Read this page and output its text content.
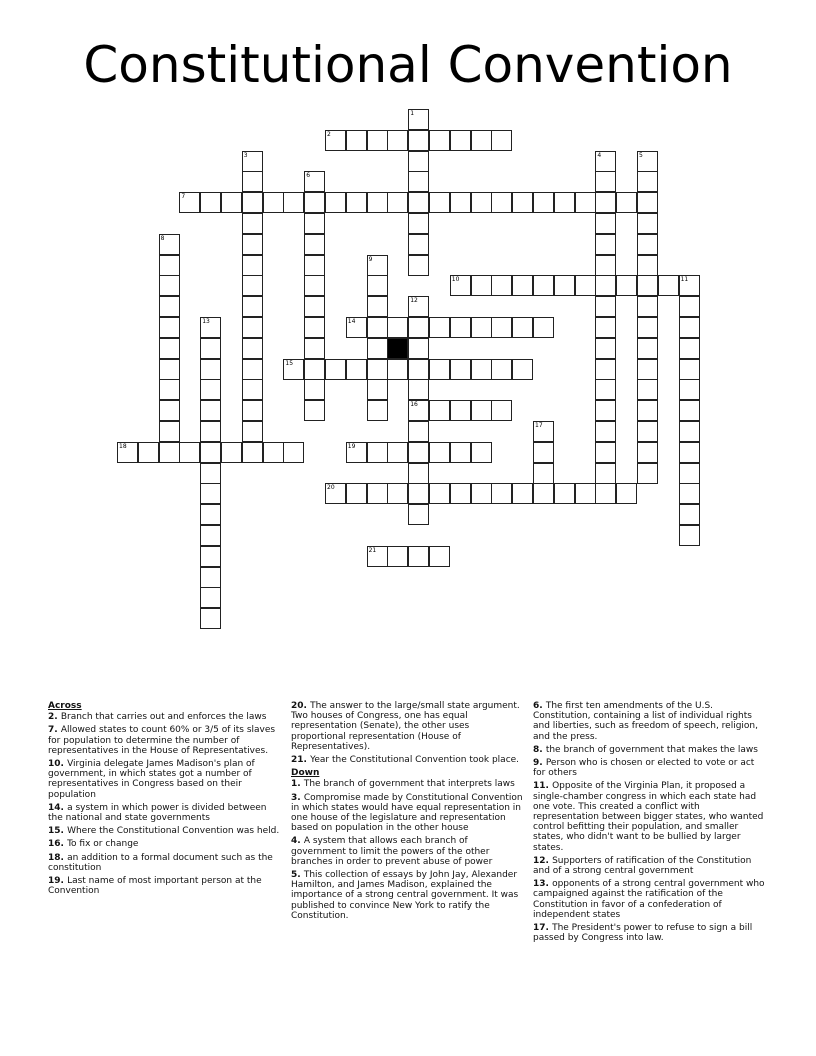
Constitutional Convention
1
2
3	4	5
6
7
8
9
10	11
12
16
13	14
15
17
18	19
20
21
Across
2. Branch that carries out and enforces the laws
7. Allowed states to count 60% or 3/5 of its slaves for population to determine the number of representatives in the House of Representatives.
10. Virginia delegate James Madison's plan of government, in which states got a number of representatives in Congress based on their population
14. a system in which power is divided between the national and state governments
15. Where the Constitutional Convention was held.
16. To fix or change
18. an addition to a formal document such as the constitution
19. Last name of most important person at the Convention
20. The answer to the large/small state argument. Two houses of Congress, one has equal representation (Senate), the other uses proportional representation (House of Representatives).
21. Year the Constitutional Convention took place.
Down
1. The branch of government that interprets laws
3. Compromise made by Constitutional Convention in which states would have equal representation in one house of the legislature and representation based on population in the other house
4. A system that allows each branch of government to limit the powers of the other branches in order to prevent abuse of power
5. This collection of essays by John Jay, Alexander Hamilton, and James Madison, explained the importance of a strong central government. It was published to convince New York to ratify the Constitution.
6. The first ten amendments of the U.S. Constitution, containing a list of individual rights and liberties, such as freedom of speech, religion, and the press.
8. the branch of government that makes the laws
9. Person who is chosen or elected to vote or act for others
11. Opposite of the Virginia Plan, it proposed a single-chamber congress in which each state had one vote. This created a conflict with representation between bigger states, who wanted control befitting their population, and smaller states, who didn't want to be bullied by larger states.
12. Supporters of ratification of the Constitution and of a strong central government
13. opponents of a strong central government who campaigned against the ratification of the Constitution in favor of a confederation of independent states
17. The President's power to refuse to sign a bill passed by Congress into law.
